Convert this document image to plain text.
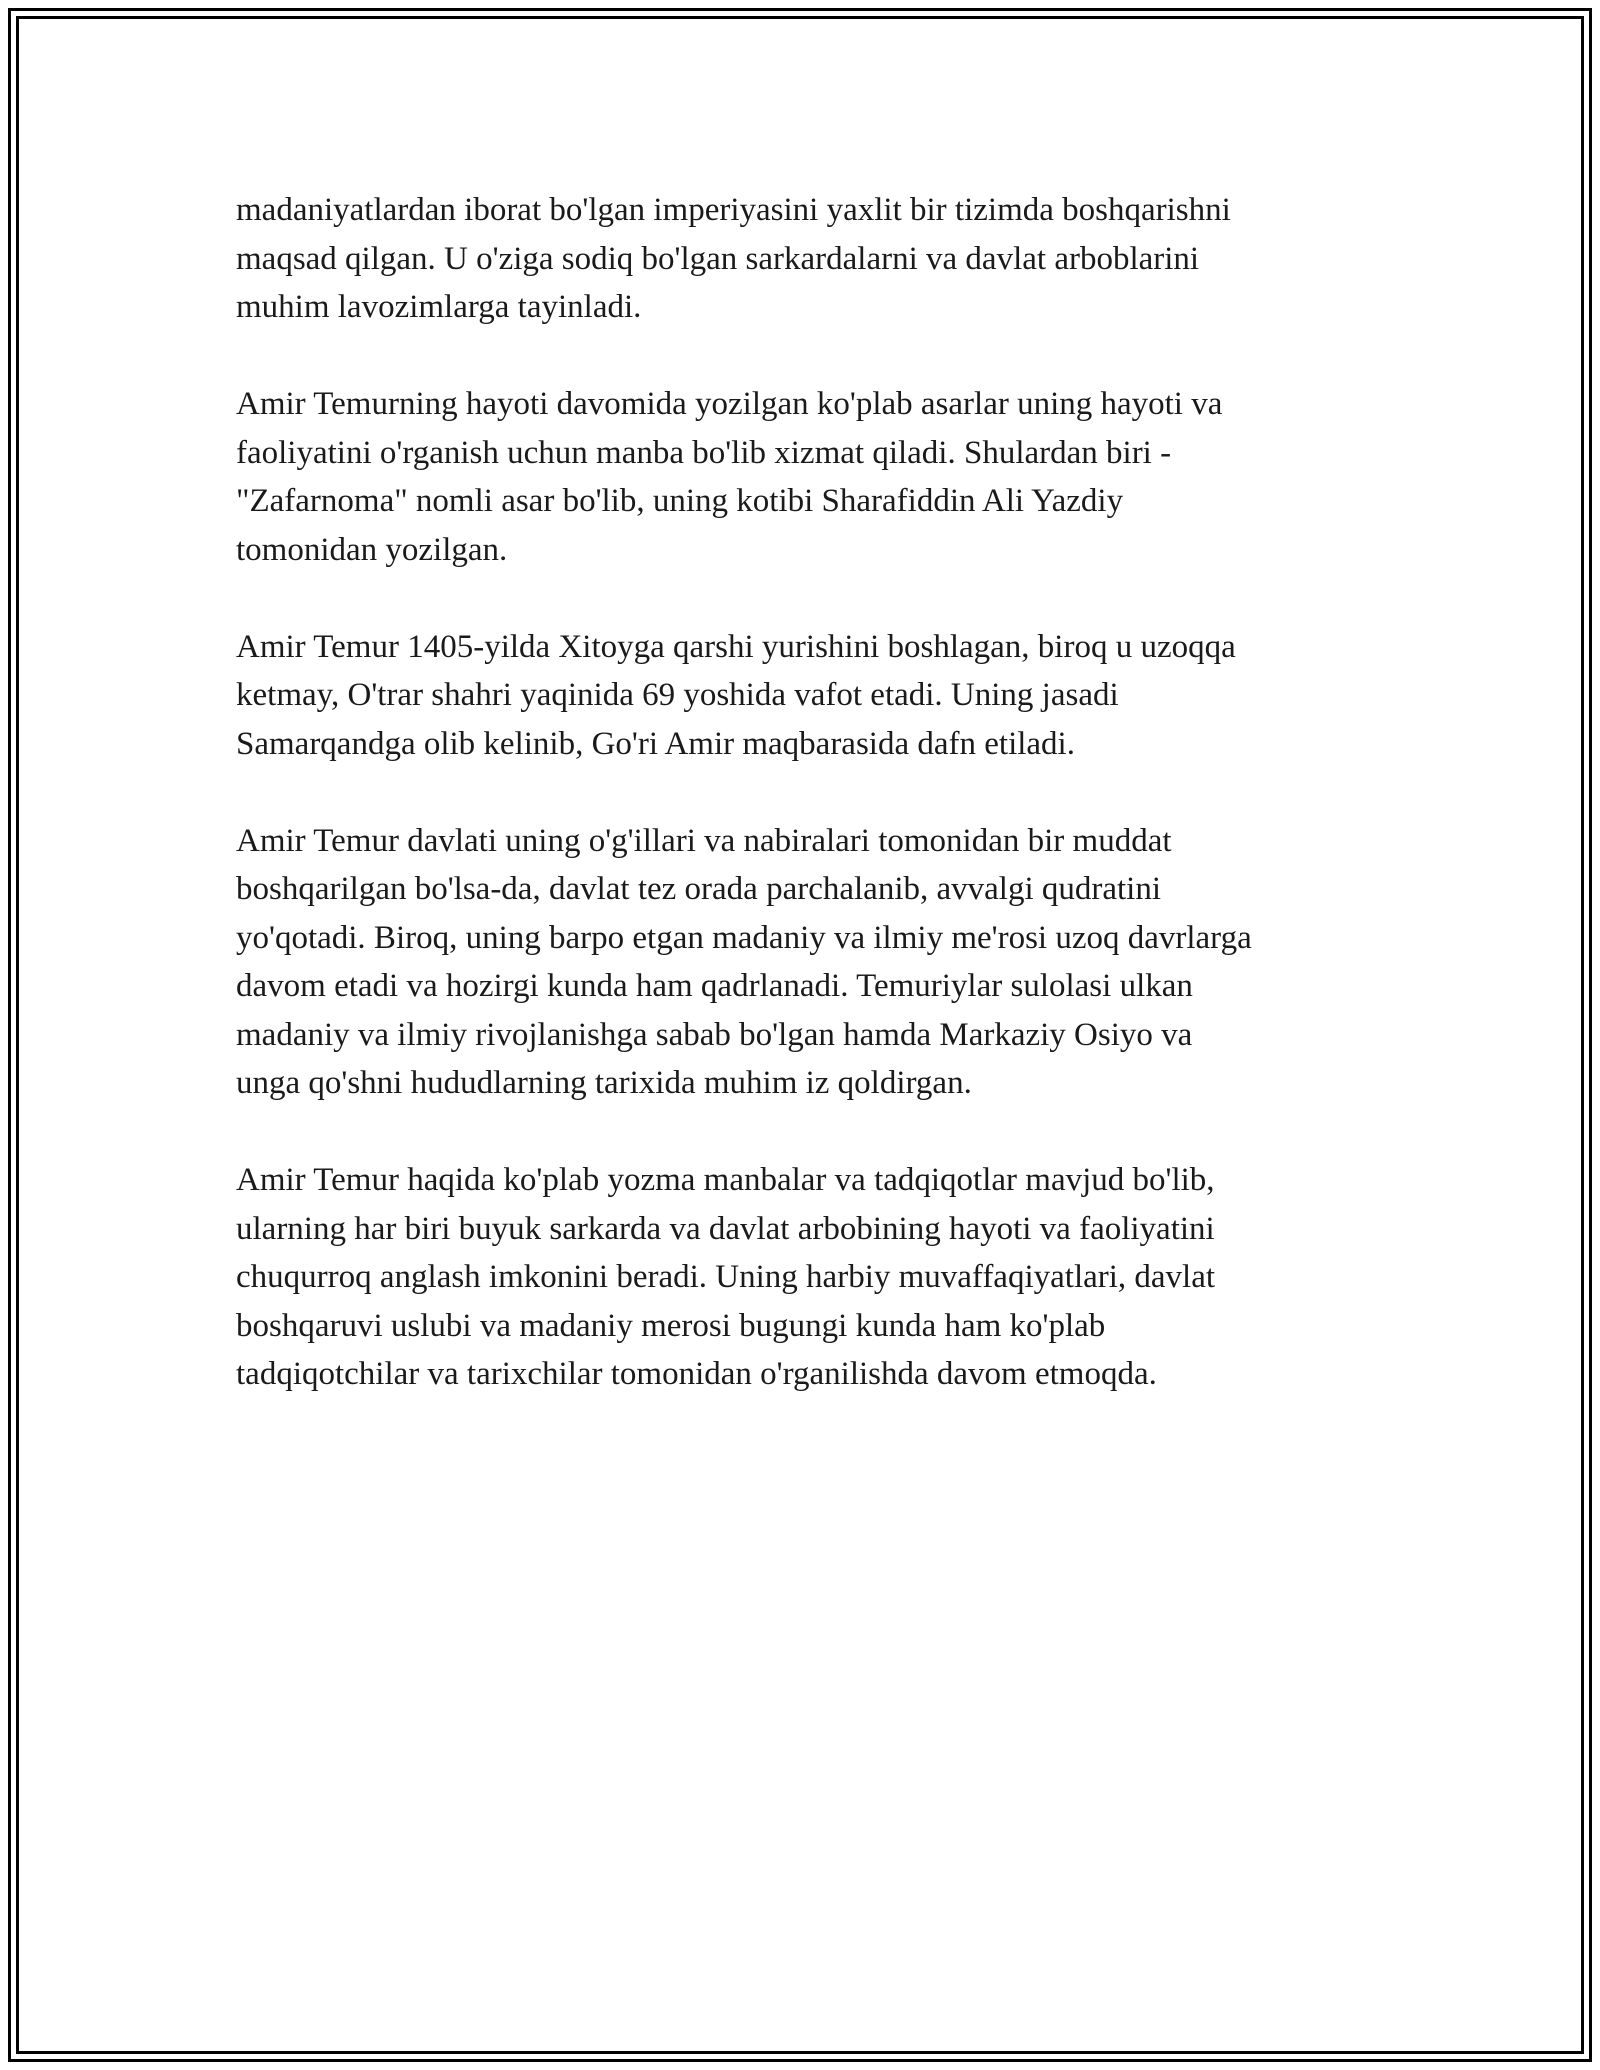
madaniyatlardan iborat bo'lgan imperiyasini yaxlit bir tizimda boshqarishni
maqsad qilgan. U o'ziga sodiq bo'lgan sarkardalarni va davlat arboblarini
muhim lavozimlarga tayinladi.

Amir Temurning hayoti davomida yozilgan ko'plab asarlar uning hayoti va
faoliyatini o'rganish uchun manba bo'lib xizmat qiladi. Shulardan biri -
"Zafarnoma" nomli asar bo'lib, uning kotibi Sharafiddin Ali Yazdiy
tomonidan yozilgan.

Amir Temur 1405-yilda Xitoyga qarshi yurishini boshlagan, biroq u uzoqqa
ketmay, O'trar shahri yaqinida 69 yoshida vafot etadi. Uning jasadi
Samarqandga olib kelinib, Go'ri Amir maqbarasida dafn etiladi.

Amir Temur davlati uning o'g'illari va nabiralari tomonidan bir muddat
boshqarilgan bo'lsa-da, davlat tez orada parchalanib, avvalgi qudratini
yo'qotadi. Biroq, uning barpo etgan madaniy va ilmiy me'rosi uzoq davrlarga
davom etadi va hozirgi kunda ham qadrlanadi. Temuriylar sulolasi ulkan
madaniy va ilmiy rivojlanishga sabab bo'lgan hamda Markaziy Osiyo va
unga qo'shni hududlarning tarixida muhim iz qoldirgan.

Amir Temur haqida ko'plab yozma manbalar va tadqiqotlar mavjud bo'lib,
ularning har biri buyuk sarkarda va davlat arbobining hayoti va faoliyatini
chuqurroq anglash imkonini beradi. Uning harbiy muvaffaqiyatlari, davlat
boshqaruvi uslubi va madaniy merosi bugungi kunda ham ko'plab
tadqiqotchilar va tarixchilar tomonidan o'rganilishda davom etmoqda.
